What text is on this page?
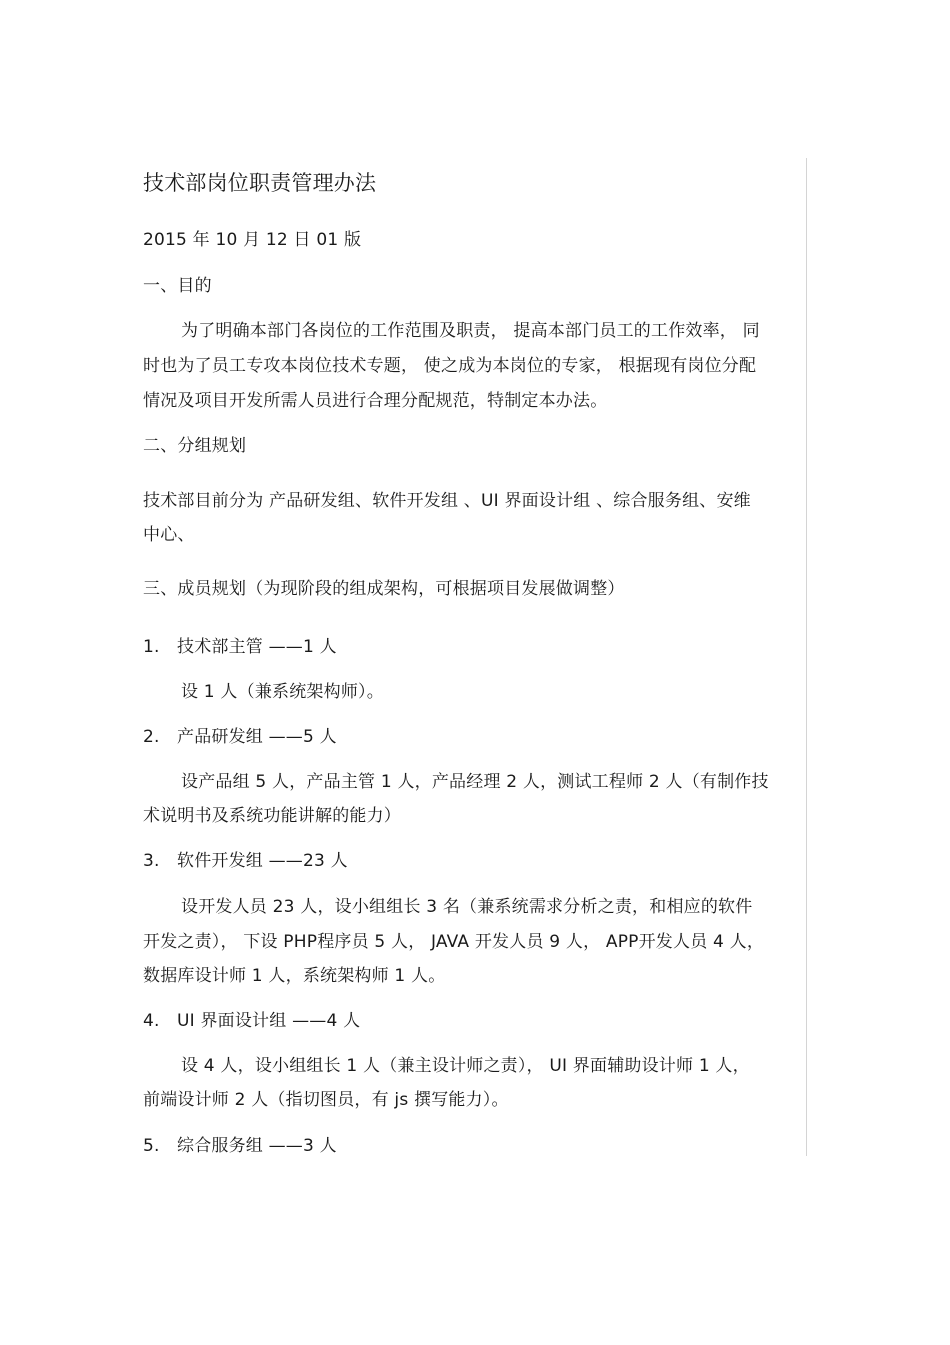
技术部岗位职责管理办法
2015 年 10 月 12 日 01 版
一、目的
为了明确本部门各岗位的工作范围及职责， 提高本部门员工的工作效率， 同
时也为了员工专攻本岗位技术专题， 使之成为本岗位的专家， 根据现有岗位分配
情况及项目开发所需人员进行合理分配规范，特制定本办法。
二、分组规划
技术部目前分为 产品研发组、软件开发组 、UI 界面设计组 、综合服务组、安维
中心、
三、成员规划（为现阶段的组成架构，可根据项目发展做调整）
1. 技术部主管 ——1 人
设 1 人（兼系统架构师）。
2. 产品研发组 ——5 人
设产品组 5 人，产品主管 1 人，产品经理 2 人，测试工程师 2 人（有制作技
术说明书及系统功能讲解的能力）
3. 软件开发组 ——23 人
设开发人员 23 人，设小组组长 3 名（兼系统需求分析之责，和相应的软件
开发之责）， 下设 PHP程序员 5 人， JAVA 开发人员 9 人， APP开发人员 4 人，
数据库设计师 1 人，系统架构师 1 人。
4. UI 界面设计组 ——4 人
设 4 人，设小组组长 1 人（兼主设计师之责）， UI 界面辅助设计师 1 人，
前端设计师 2 人（指切图员，有 js 撰写能力）。
5. 综合服务组 ——3 人
